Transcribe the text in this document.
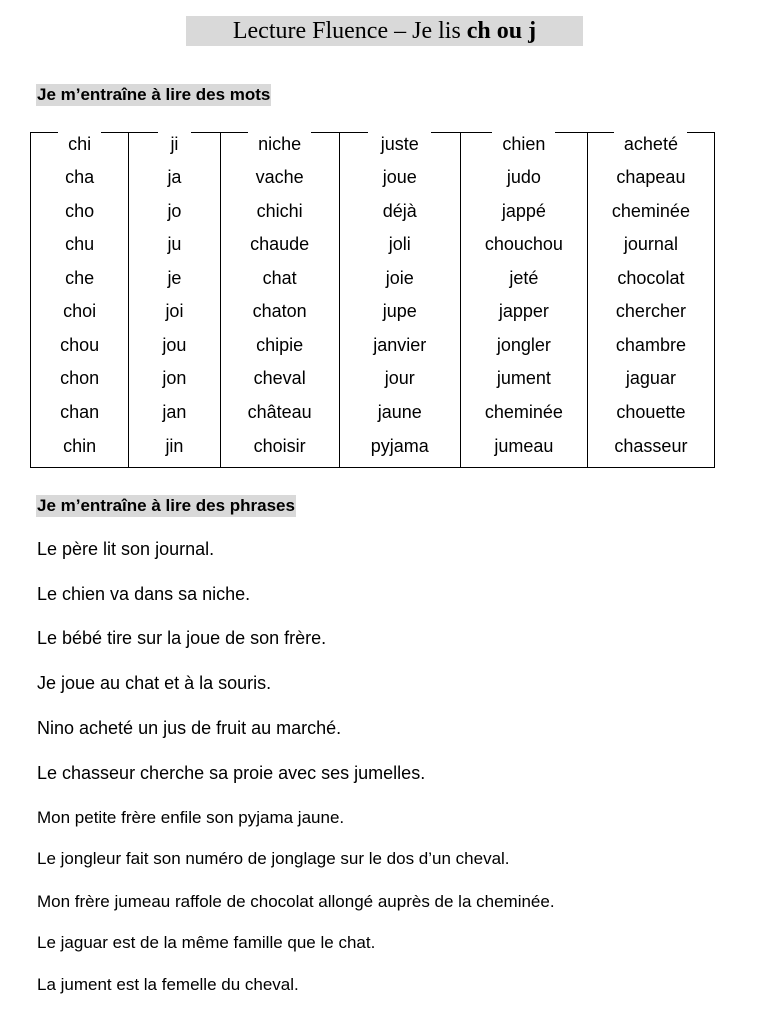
Lecture Fluence – Je lis ch ou j
Je m’entraîne à lire des mots
chi
cha
cho
chu
che
choi
chou
chon
chan
chin
ji
ja
jo
ju
je
joi
jou
jon
jan
jin
niche
vache
chichi
chaude
chat
chaton
chipie
cheval
château
choisir
juste
joue
déjà
joli
joie
jupe
janvier
jour
jaune
pyjama
chien
judo
jappé
chouchou
jeté
japper
jongler
jument
cheminée
jumeau
acheté
chapeau
cheminée
journal
chocolat
chercher
chambre
jaguar
chouette
chasseur
Je m’entraîne à lire des phrases
Le père lit son journal.
Le chien va dans sa niche.
Le bébé tire sur la joue de son frère.
Je joue au chat et à la souris.
Nino acheté un jus de fruit au marché.
Le chasseur cherche sa proie avec ses jumelles.
Mon petite frère enfile son pyjama jaune.
Le jongleur fait son numéro de jonglage sur le dos d’un cheval.
Mon frère jumeau raffole de chocolat allongé auprès de la cheminée.
Le jaguar est de la même famille que le chat.
La jument est la femelle du cheval.
